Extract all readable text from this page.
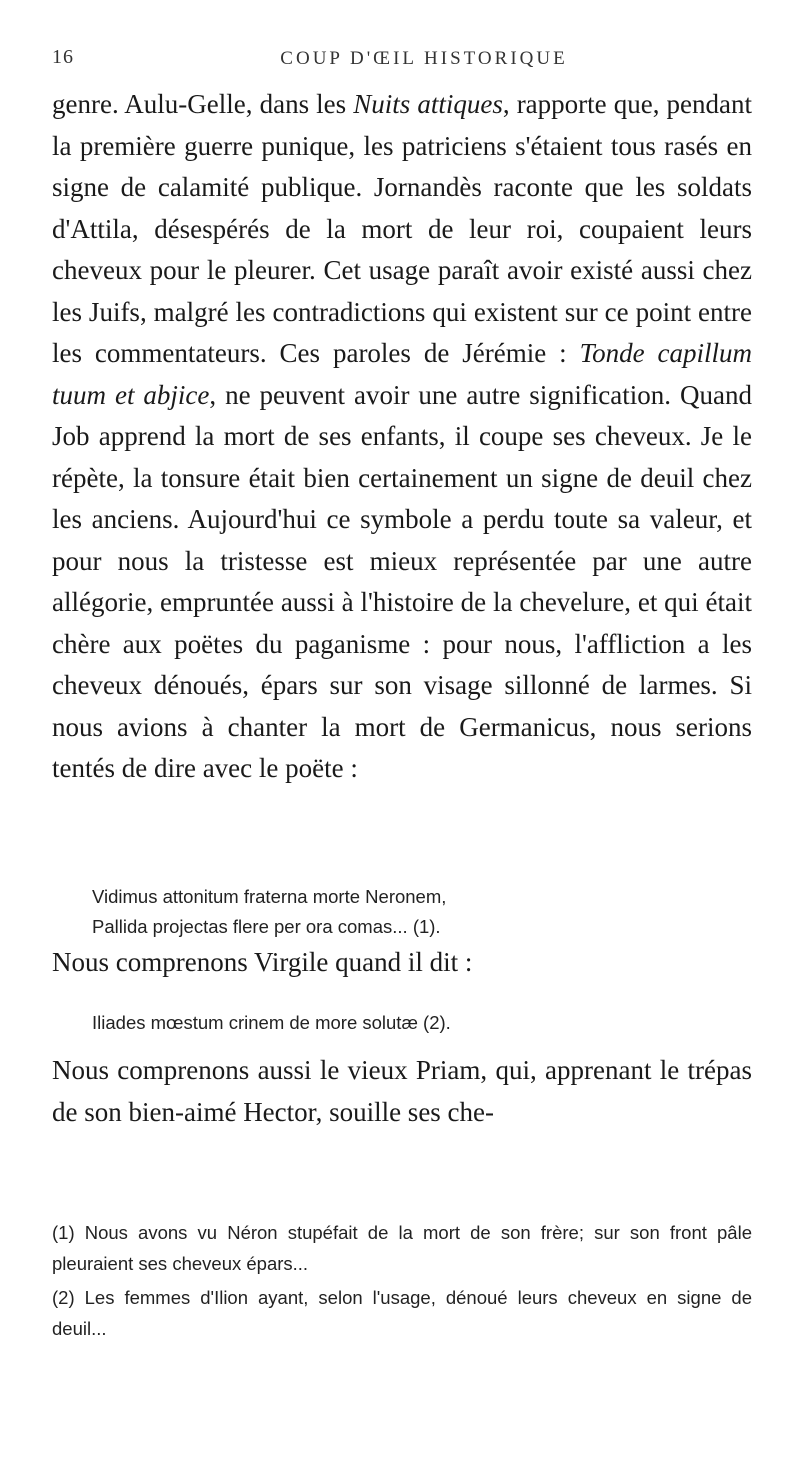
16	COUP D'ŒIL HISTORIQUE

genre. Aulu-Gelle, dans les Nuits attiques, rapporte que, pendant la première guerre punique, les patriciens s'étaient tous rasés en signe de calamité publique. Jornandès raconte que les soldats d'Attila, désespérés de la mort de leur roi, coupaient leurs cheveux pour le pleurer. Cet usage paraît avoir existé aussi chez les Juifs, malgré les contradictions qui existent sur ce point entre les commentateurs. Ces paroles de Jérémie : Tonde capillum tuum et abjice, ne peuvent avoir une autre signification. Quand Job apprend la mort de ses enfants, il coupe ses cheveux. Je le répète, la tonsure était bien certainement un signe de deuil chez les anciens. Aujourd'hui ce symbole a perdu toute sa valeur, et pour nous la tristesse est mieux représentée par une autre allégorie, empruntée aussi à l'histoire de la chevelure, et qui était chère aux poëtes du paganisme : pour nous, l'affliction a les cheveux dénoués, épars sur son visage sillonné de larmes. Si nous avions à chanter la mort de Germanicus, nous serions tentés de dire avec le poëte :

Vidimus attonitum fraterna morte Neronem,
Pallida projectas flere per ora comas... (1).

Nous comprenons Virgile quand il dit :

Iliades mœstum crinem de more solutæ (2).

Nous comprenons aussi le vieux Priam, qui, apprenant le trépas de son bien-aimé Hector, souille ses che-

(1) Nous avons vu Néron stupéfait de la mort de son frère; sur son front pâle pleuraient ses cheveux épars...

(2) Les femmes d'Ilion ayant, selon l'usage, dénoué leurs cheveux en signe de deuil...
